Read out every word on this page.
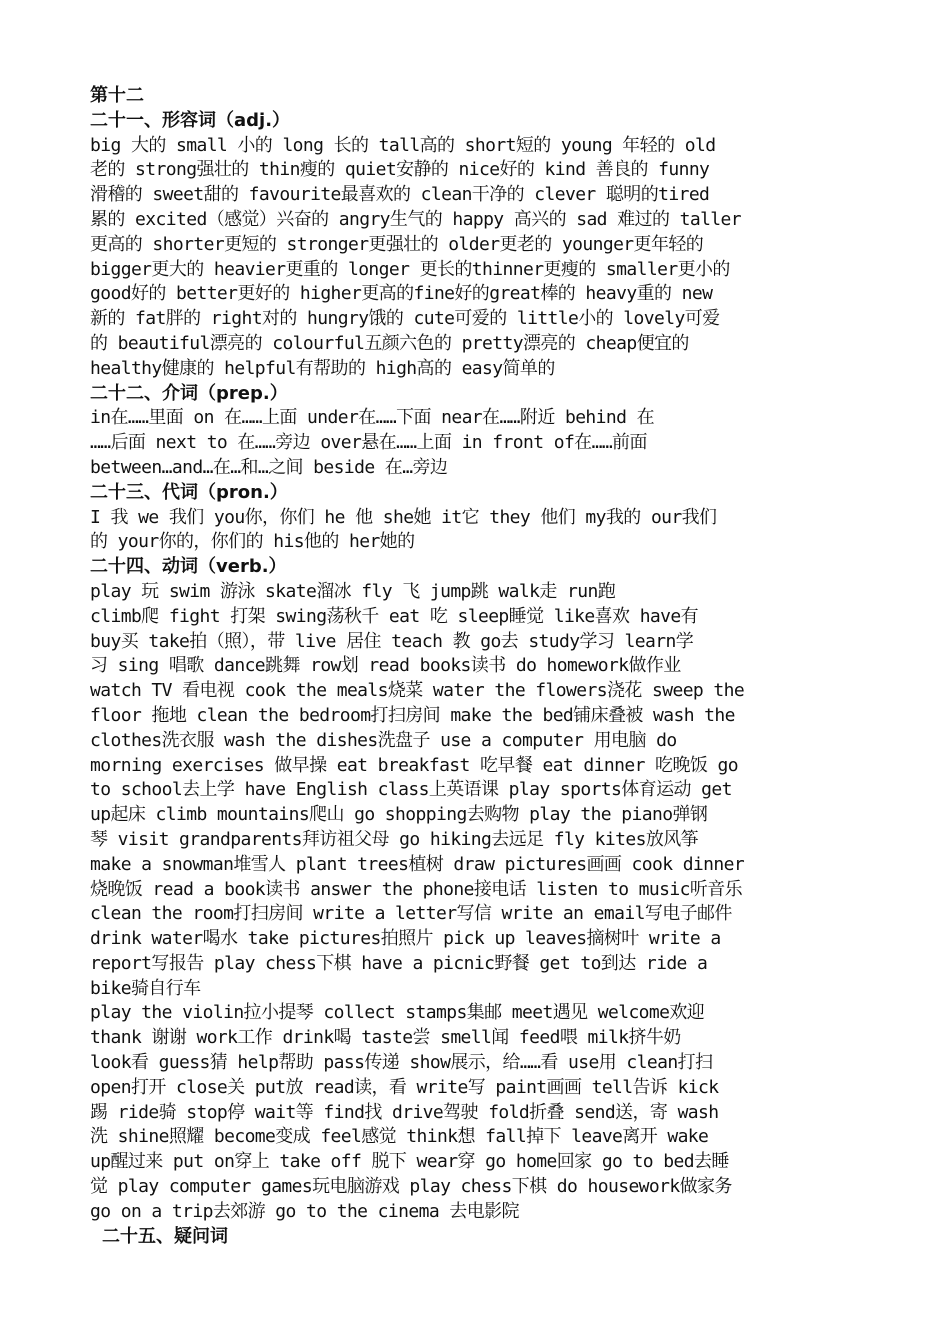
第十二
二十一、形容词（adj.）
big 大的 small 小的 long 长的 tall高的 short短的 young 年轻的 old
老的 strong强壮的 thin瘦的 quiet安静的 nice好的 kind 善良的 funny
滑稽的 sweet甜的 favourite最喜欢的 clean干净的 clever 聪明的tired
累的 excited（感觉）兴奋的 angry生气的 happy 高兴的 sad 难过的 taller
更高的 shorter更短的 stronger更强壮的 older更老的 younger更年轻的
bigger更大的 heavier更重的 longer 更长的thinner更瘦的 smaller更小的
good好的 better更好的 higher更高的fine好的great棒的 heavy重的 new
新的 fat胖的 right对的 hungry饿的 cute可爱的 little小的 lovely可爱
的 beautiful漂亮的 colourful五颜六色的 pretty漂亮的 cheap便宜的
healthy健康的 helpful有帮助的 high高的 easy简单的
二十二、介词（prep.）
in在……里面 on 在……上面 under在……下面 near在……附近 behind 在
……后面 next to 在……旁边 over悬在……上面 in front of在……前面
between…and…在…和…之间 beside 在…旁边
二十三、代词（pron.）
I 我 we 我们 you你，你们 he 他 she她 it它 they 他们 my我的 our我们
的 your你的，你们的 his他的 her她的
二十四、动词（verb.）
play 玩 swim 游泳 skate溜冰 fly 飞 jump跳 walk走 run跑
climb爬 fight 打架 swing荡秋千 eat 吃 sleep睡觉 like喜欢 have有
buy买 take拍（照），带 live 居住 teach 教 go去 study学习 learn学
习 sing 唱歌 dance跳舞 row划 read books读书 do homework做作业
watch TV 看电视 cook the meals烧菜 water the flowers浇花 sweep the
floor 拖地 clean the bedroom打扫房间 make the bed铺床叠被 wash the
clothes洗衣服 wash the dishes洗盘子 use a computer 用电脑 do
morning exercises 做早操 eat breakfast 吃早餐 eat dinner 吃晚饭 go
to school去上学 have English class上英语课 play sports体育运动 get
up起床 climb mountains爬山 go shopping去购物 play the piano弹钢
琴 visit grandparents拜访祖父母 go hiking去远足 fly kites放风筝
make a snowman堆雪人 plant trees植树 draw pictures画画 cook dinner
烧晚饭 read a book读书 answer the phone接电话 listen to music听音乐
clean the room打扫房间 write a letter写信 write an email写电子邮件
drink water喝水 take pictures拍照片 pick up leaves摘树叶 write a
report写报告 play chess下棋 have a picnic野餐 get to到达 ride a
bike骑自行车
play the violin拉小提琴 collect stamps集邮 meet遇见 welcome欢迎
thank 谢谢 work工作 drink喝 taste尝 smell闻 feed喂 milk挤牛奶
look看 guess猜 help帮助 pass传递 show展示，给……看 use用 clean打扫
open打开 close关 put放 read读，看 write写 paint画画 tell告诉 kick
踢 ride骑 stop停 wait等 find找 drive驾驶 fold折叠 send送，寄 wash
洗 shine照耀 become变成 feel感觉 think想 fall掉下 leave离开 wake
up醒过来 put on穿上 take off 脱下 wear穿 go home回家 go to bed去睡
觉 play computer games玩电脑游戏 play chess下棋 do housework做家务
go on a trip去郊游 go to the cinema 去电影院
二十五、疑问词
